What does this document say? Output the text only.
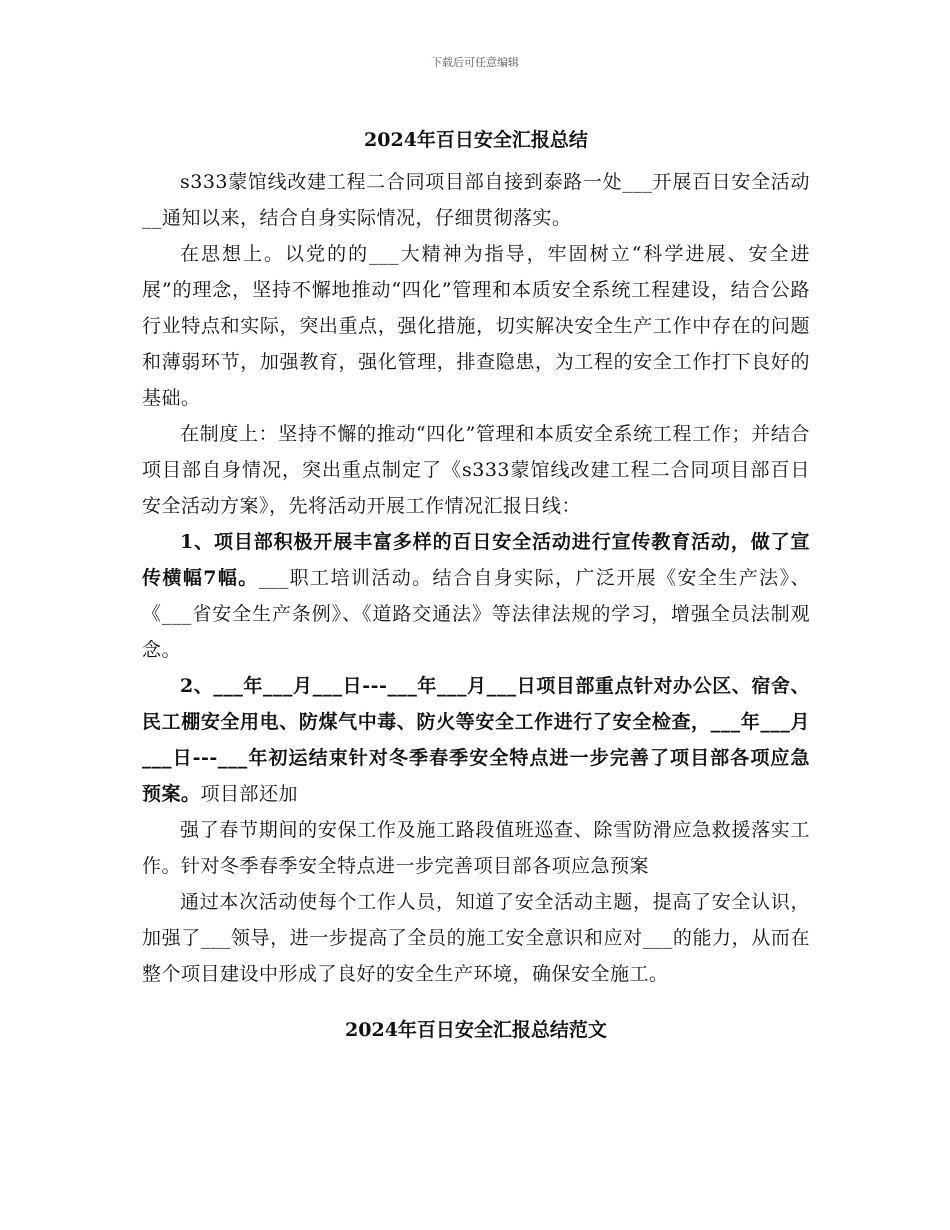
下载后可任意编辑
2024年百日安全汇报总结

s333蒙馆线改建工程二合同项目部自接到泰路一处___开展百日安全活动__通知以来，结合自身实际情况，仔细贯彻落实。

在思想上。以党的的___大精神为指导，牢固树立“科学进展、安全进展”的理念，坚持不懈地推动“四化”管理和本质安全系统工程建设，结合公路行业特点和实际，突出重点，强化措施，切实解决安全生产工作中存在的问题和薄弱环节，加强教育，强化管理，排查隐患，为工程的安全工作打下良好的基础。

在制度上：坚持不懈的推动“四化”管理和本质安全系统工程工作；并结合项目部自身情况，突出重点制定了《s333蒙馆线改建工程二合同项目部百日安全活动方案》，先将活动开展工作情况汇报日线：

1、项目部积极开展丰富多样的百日安全活动进行宣传教育活动，做了宣传横幅7幅。___职工培训活动。结合自身实际，广泛开展《安全生产法》、《___省安全生产条例》、《道路交通法》等法律法规的学习，增强全员法制观念。

2、___年___月___日---___年___月___日项目部重点针对办公区、宿舍、民工棚安全用电、防煤气中毒、防火等安全工作进行了安全检查，___年___月___日---___年初运结束针对冬季春季安全特点进一步完善了项目部各项应急预案。项目部还加

强了春节期间的安保工作及施工路段值班巡查、除雪防滑应急救援落实工作。针对冬季春季安全特点进一步完善项目部各项应急预案

通过本次活动使每个工作人员，知道了安全活动主题，提高了安全认识，加强了___领导，进一步提高了全员的施工安全意识和应对___的能力，从而在整个项目建设中形成了良好的安全生产环境，确保安全施工。

2024年百日安全汇报总结范文
